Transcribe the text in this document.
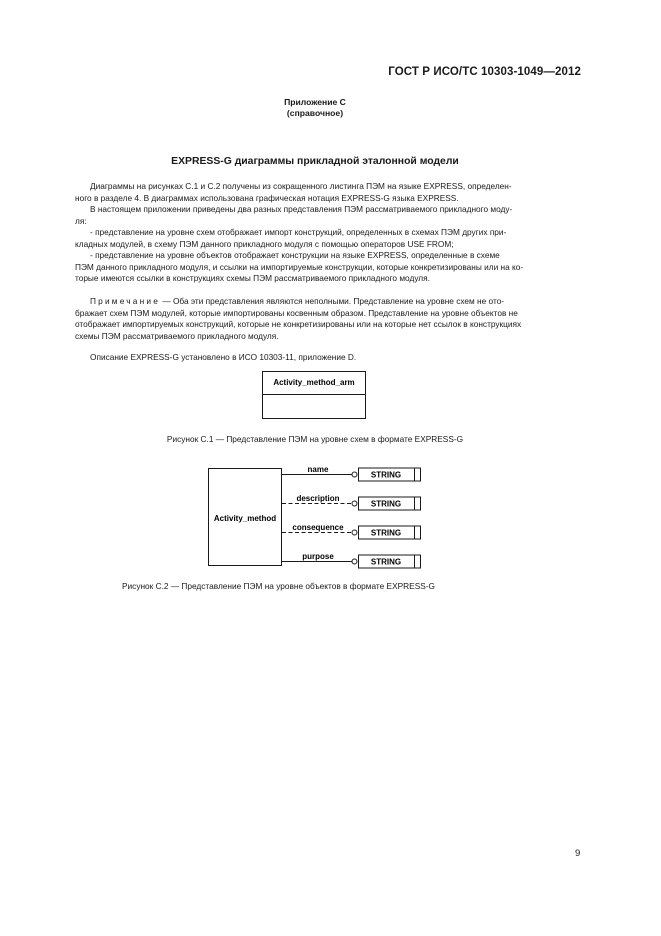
ГОСТ Р ИСО/ТС 10303-1049—2012
Приложение С
(справочное)
EXPRESS-G диаграммы прикладной эталонной модели

Диаграммы на рисунках С.1 и С.2 получены из сокращенного листинга ПЭМ на языке EXPRESS, определен-

ного в разделе 4. В диаграммах использована графическая нотация EXPRESS-G языка EXPRESS.

В настоящем приложении приведены два разных представления ПЭМ рассматриваемого прикладного моду-

ля:

- представление на уровне схем отображает импорт конструкций, определенных в схемах ПЭМ других при-

кладных модулей, в схему ПЭМ данного прикладного модуля с помощью операторов USE FROM;

- представление на уровне объектов отображает конструкции на языке EXPRESS, определенные в схеме

ПЭМ данного прикладного модуля, и ссылки на импортируемые конструкции, которые конкретизированы или на ко-

торые имеются ссылки в конструкциях схемы ПЭМ рассматриваемого прикладного модуля.

Примечание — Оба эти представления являются неполными. Представление на уровне схем не ото-

бражает схем ПЭМ модулей, которые импортированы косвенным образом. Представление на уровне объектов не

отображает импортируемых конструкций, которые не конкретизированы или на которые нет ссылок в конструкциях

схемы ПЭМ рассматриваемого прикладного модуля.

Описание EXPRESS-G установлено в ИСО 10303-11, приложение D.

Activity_method_arm
Рисунок С.1 — Представление ПЭМ на уровне схем в формате EXPRESS-G
Activity_method
name
STRING
description
STRING
consequence
STRING
purpose
STRING
Рисунок С.2 — Представление ПЭМ на уровне объектов в формате EXPRESS-G
9
